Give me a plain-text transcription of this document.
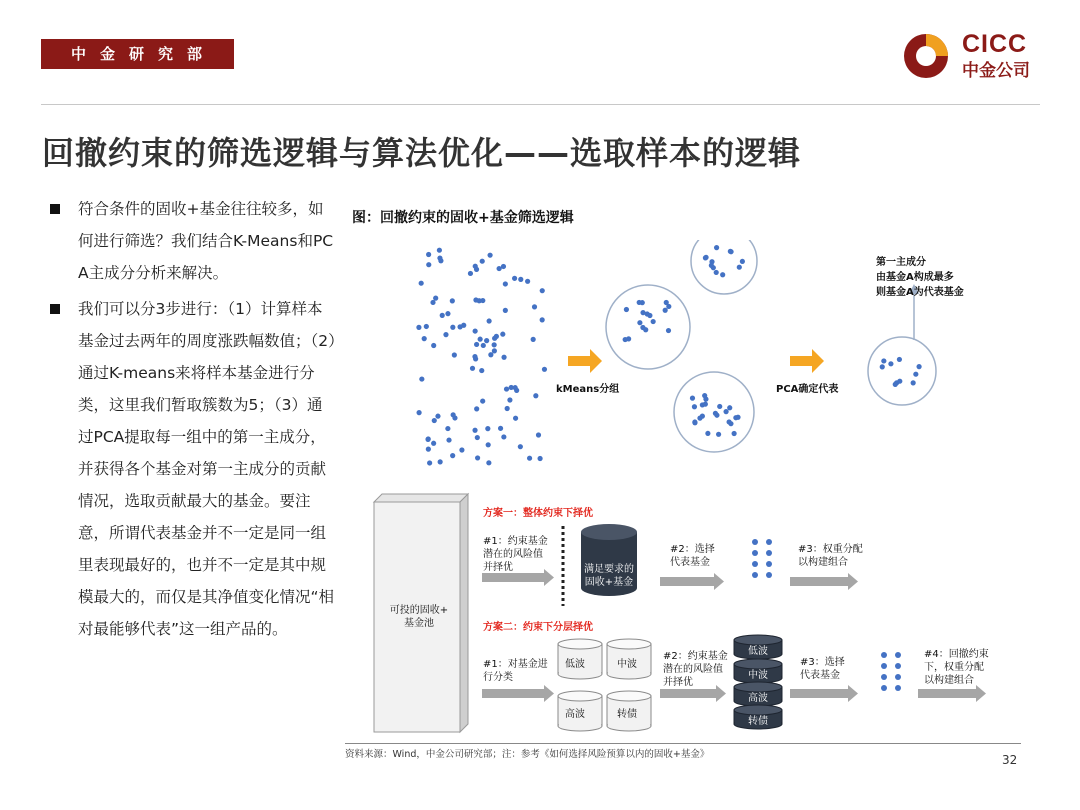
中金研究部	CICC
中金公司
回撤约束的筛选逻辑与算法优化——选取样本的逻辑
符合条件的固收+基金往往较多，如何进行筛选？我们结合K-Means和PCA主成分分析来解决。
我们可以分3步进行：（1）计算样本基金过去两年的周度涨跌幅数值；（2）通过K-means来将样本基金进行分类，这里我们暂取簇数为5；（3）通过PCA提取每一组中的第一主成分，并获得各个基金对第一主成分的贡献情况，选取贡献最大的基金。要注意，所谓代表基金并不一定是同一组里表现最好的，也并不一定是其中规模最大的，而仅是其净值变化情况“相对最能够代表”这一组产品的。
图：回撤约束的固收+基金筛选逻辑
kMeans分组	PCA确定代表
第一主成分
由基金A构成最多
则基金A为代表基金
可投的固收+
基金池
方案一：整体约束下择优
#1：约束基金
潜在的风险值
并择优	满足要求的
固收+基金
#2：选择
代表基金
#3：权重分配
以构建组合
方案二：约束下分层择优
#1：对基金进
行分类
#2：约束基金
潜在的风险值
并择优
#3：选择
代表基金
#4：回撤约束
下，权重分配
以构建组合
低波	中波
高波	转债
低波
中波
高波
转债
资料来源：Wind，中金公司研究部；注：参考《如何选择风险预算以内的固收+基金》	32
